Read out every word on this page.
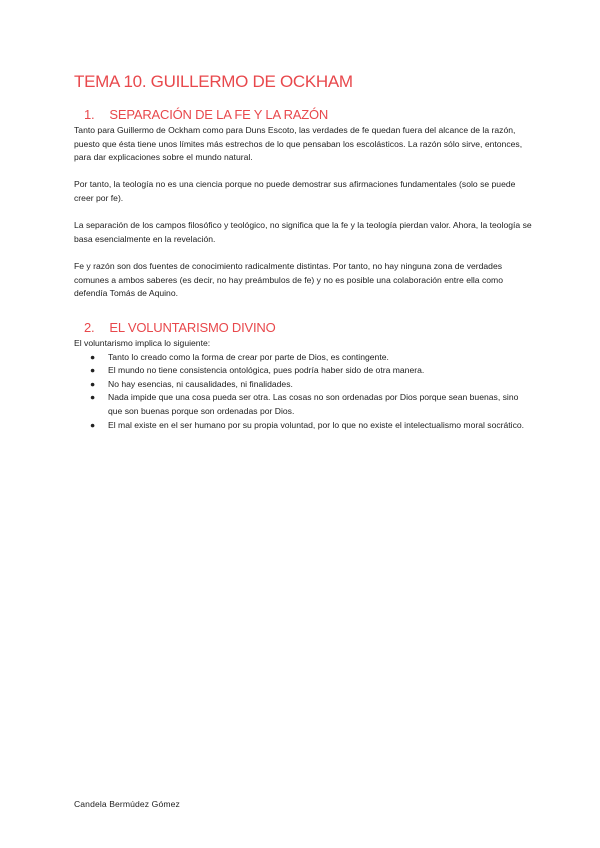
TEMA 10. GUILLERMO DE OCKHAM
1. SEPARACIÓN DE LA FE Y LA RAZÓN

Tanto para Guillermo de Ockham como para Duns Escoto, las verdades de fe quedan fuera del alcance de la razón, puesto que ésta tiene unos límites más estrechos de lo que pensaban los escolásticos. La razón sólo sirve, entonces, para dar explicaciones sobre el mundo natural.

Por tanto, la teología no es una ciencia porque no puede demostrar sus afirmaciones fundamentales (solo se puede creer por fe).

La separación de los campos filosófico y teológico, no significa que la fe y la teología pierdan valor. Ahora, la teología se basa esencialmente en la revelación.

Fe y razón son dos fuentes de conocimiento radicalmente distintas. Por tanto, no hay ninguna zona de verdades comunes a ambos saberes (es decir, no hay preámbulos de fe) y no es posible una colaboración entre ella como defendía Tomás de Aquino.

2. EL VOLUNTARISMO DIVINO
El voluntarismo implica lo siguiente:
● Tanto lo creado como la forma de crear por parte de Dios, es contingente.
● El mundo no tiene consistencia ontológica, pues podría haber sido de otra manera.
● No hay esencias, ni causalidades, ni finalidades.
● Nada impide que una cosa pueda ser otra. Las cosas no son ordenadas por Dios porque sean buenas, sino que son buenas porque son ordenadas por Dios.
● El mal existe en el ser humano por su propia voluntad, por lo que no existe el intelectualismo moral socrático.
Candela Bermúdez Gómez
